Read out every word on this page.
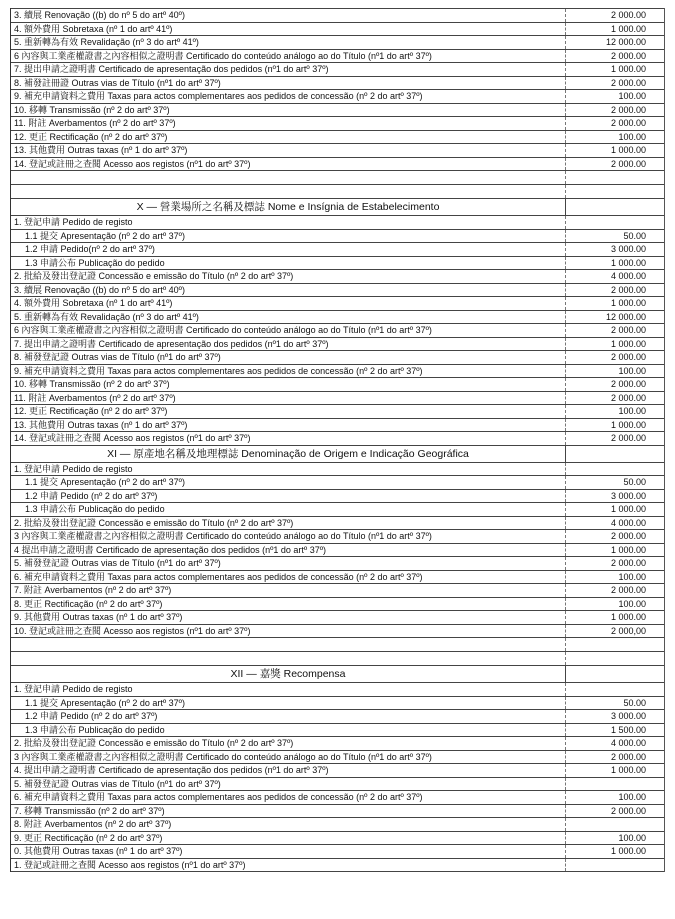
3. 續展 Renovação ((b) do nº 5 do artº 40º)	2 000.00
4. 額外費用 Sobretaxa (nº 1 do artº 41º)	1 000.00
5. 重新轉為有效 Revalidação (nº 3 do artº 41º)	12 000.00
6 內容與工業產權證書之內容相似之證明書 Certificado do conteúdo análogo ao do Título (nº1 do artº 37º)	2 000.00
7. 提出申請之證明書 Certificado de apresentação dos pedidos (nº1 do artº 37º)	1 000.00
8. 補發註冊證 Outras vias de Título (nº1 do artº 37º)	2 000.00
9. 補充申請資料之費用 Taxas para actos complementares aos pedidos de concessão (nº 2 do artº 37º)	100.00
10. 移轉 Transmissão (nº 2 do artº 37º)	2 000.00
11. 附註 Averbamentos (nº 2 do artº 37º)	2 000.00
12. 更正 Rectificação (nº 2 do artº 37º)	100.00
13. 其他費用 Outras taxas (nº 1 do artº 37º)	1 000.00
14. 登記或註冊之查閱 Acesso aos registos (nº1 do artº 37º)	2 000.00
X — 營業場所之名稱及標誌 Nome e Insígnia de Estabelecimento
1. 登記申請 Pedido de registo
1.1 提交 Apresentação (nº 2 do artº 37º)	50.00
1.2 申請 Pedido(nº 2 do artº 37º)	3 000.00
1.3 申請公布 Publicação do pedido	1 000.00
2. 批給及發出登記證 Concessão e emissão do Título (nº 2 do artº 37º)	4 000.00
3. 續展 Renovação ((b) do nº 5 do artº 40º)	2 000.00
4. 額外費用 Sobretaxa (nº 1 do artº 41º)	1 000.00
5. 重新轉為有效 Revalidação (nº 3 do artº 41º)	12 000.00
6 內容與工業產權證書之內容相似之證明書 Certificado do conteúdo análogo ao do Título (nº1 do artº 37º)	2 000.00
7. 提出申請之證明書 Certificado de apresentação dos pedidos (nº1 do artº 37º)	1 000.00
8. 補發登記證 Outras vias de Título (nº1 do artº 37º)	2 000.00
9. 補充申請資料之費用 Taxas para actos complementares aos pedidos de concessão (nº 2 do artº 37º)	100.00
10. 移轉 Transmissão (nº 2 do artº 37º)	2 000.00
11. 附註 Averbamentos (nº 2 do artº 37º)	2 000.00
12. 更正 Rectificação (nº 2 do artº 37º)	100.00
13. 其他費用 Outras taxas (nº 1 do artº 37º)	1 000.00
14. 登記或註冊之查閱 Acesso aos registos (nº1 do artº 37º)	2 000.00
XI — 原產地名稱及地理標誌 Denominação de Origem e Indicação Geográfica
1. 登記申請 Pedido de registo
1.1 提交 Apresentação (nº 2 do artº 37º)	50.00
1.2 申請 Pedido (nº 2 do artº 37º)	3 000.00
1.3 申請公布 Publicação do pedido	1 000.00
2. 批給及發出登記證 Concessão e emissão do Título (nº 2 do artº 37º)	4 000.00
3 內容與工業產權證書之內容相似之證明書 Certificado do conteúdo análogo ao do Título (nº1 do artº 37º)	2 000.00
4 提出申請之證明書 Certificado de apresentação dos pedidos (nº1 do artº 37º)	1 000.00
5. 補發登記證 Outras vias de Título (nº1 do artº 37º)	2 000.00
6. 補充申請資料之費用 Taxas para actos complementares aos pedidos de concessão (nº 2 do artº 37º)	100.00
7. 附註 Averbamentos (nº 2 do artº 37º)	2 000.00
8. 更正 Rectificação (nº 2 do artº 37º)	100.00
9. 其他費用 Outras taxas (nº 1 do artº 37º)	1 000.00
10. 登記或註冊之查閱 Acesso aos registos (nº1 do artº 37º)	2 000,00
XII — 嘉獎 Recompensa
1. 登記申請 Pedido de registo
1.1 提交 Apresentação (nº 2 do artº 37º)	50.00
1.2 申請 Pedido (nº 2 do artº 37º)	3 000.00
1.3 申請公布 Publicação do pedido	1 500.00
2. 批給及發出登記證 Concessão e emissão do Título (nº 2 do artº 37º)	4 000.00
3 內容與工業產權證書之內容相似之證明書 Certificado do conteúdo análogo ao do Título (nº1 do artº 37º)	2 000.00
4. 提出申請之證明書 Certificado de apresentação dos pedidos (nº1 do artº 37º)	1 000.00
5. 補發登記證 Outras vias de Título (nº1 do artº 37º)
6. 補充申請資料之費用 Taxas para actos complementares aos pedidos de concessão (nº 2 do artº 37º)	100.00
7. 移轉 Transmissão (nº 2 do artº 37º)	2 000.00
8. 附註 Averbamentos (nº 2 do artº 37º)
9. 更正 Rectificação (nº 2 do artº 37º)	100.00
0. 其他費用 Outras taxas (nº 1 do artº 37º)	1 000.00
1. 登記或註冊之查閱 Acesso aos registos (nº1 do artº 37º)
